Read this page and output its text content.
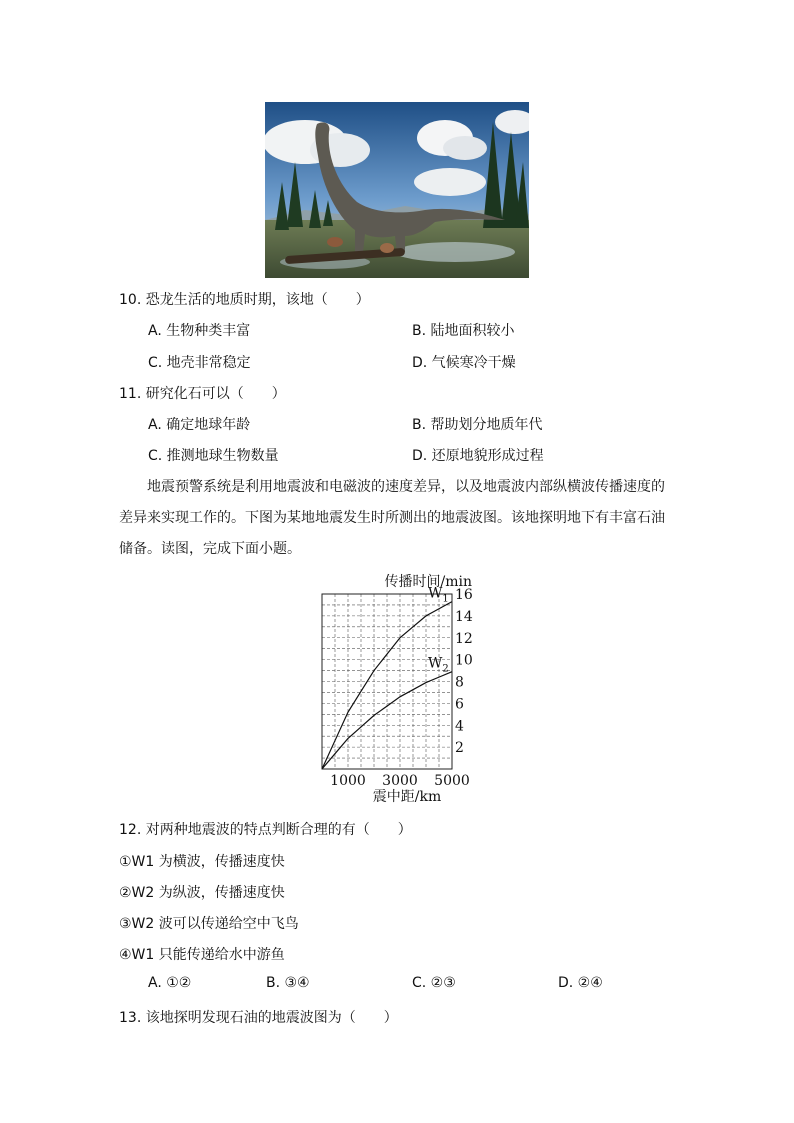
10. 恐龙生活的地质时期，该地（　　）
A. 生物种类丰富	B. 陆地面积较小
C. 地壳非常稳定	D. 气候寒冷干燥
11. 研究化石可以（　　）
A. 确定地球年龄	B. 帮助划分地质年代
C. 推测地球生物数量	D. 还原地貌形成过程
地震预警系统是利用地震波和电磁波的速度差异，以及地震波内部纵横波传播速度的
差异来实现工作的。下图为某地地震发生时所测出的地震波图。该地探明地下有丰富石油
储备。读图，完成下面小题。
2
4
6
8
10
12
14
16
1000 3000 5000
传播时间/min
震中距/km
$W_1$
$W_2$
12. 对两种地震波的特点判断合理的有（　　）
①W1 为横波，传播速度快
②W2 为纵波，传播速度快
③W2 波可以传递给空中飞鸟
④W1 只能传递给水中游鱼
A. ①②	B. ③④	C. ②③	D. ②④
13. 该地探明发现石油的地震波图为（　　）
